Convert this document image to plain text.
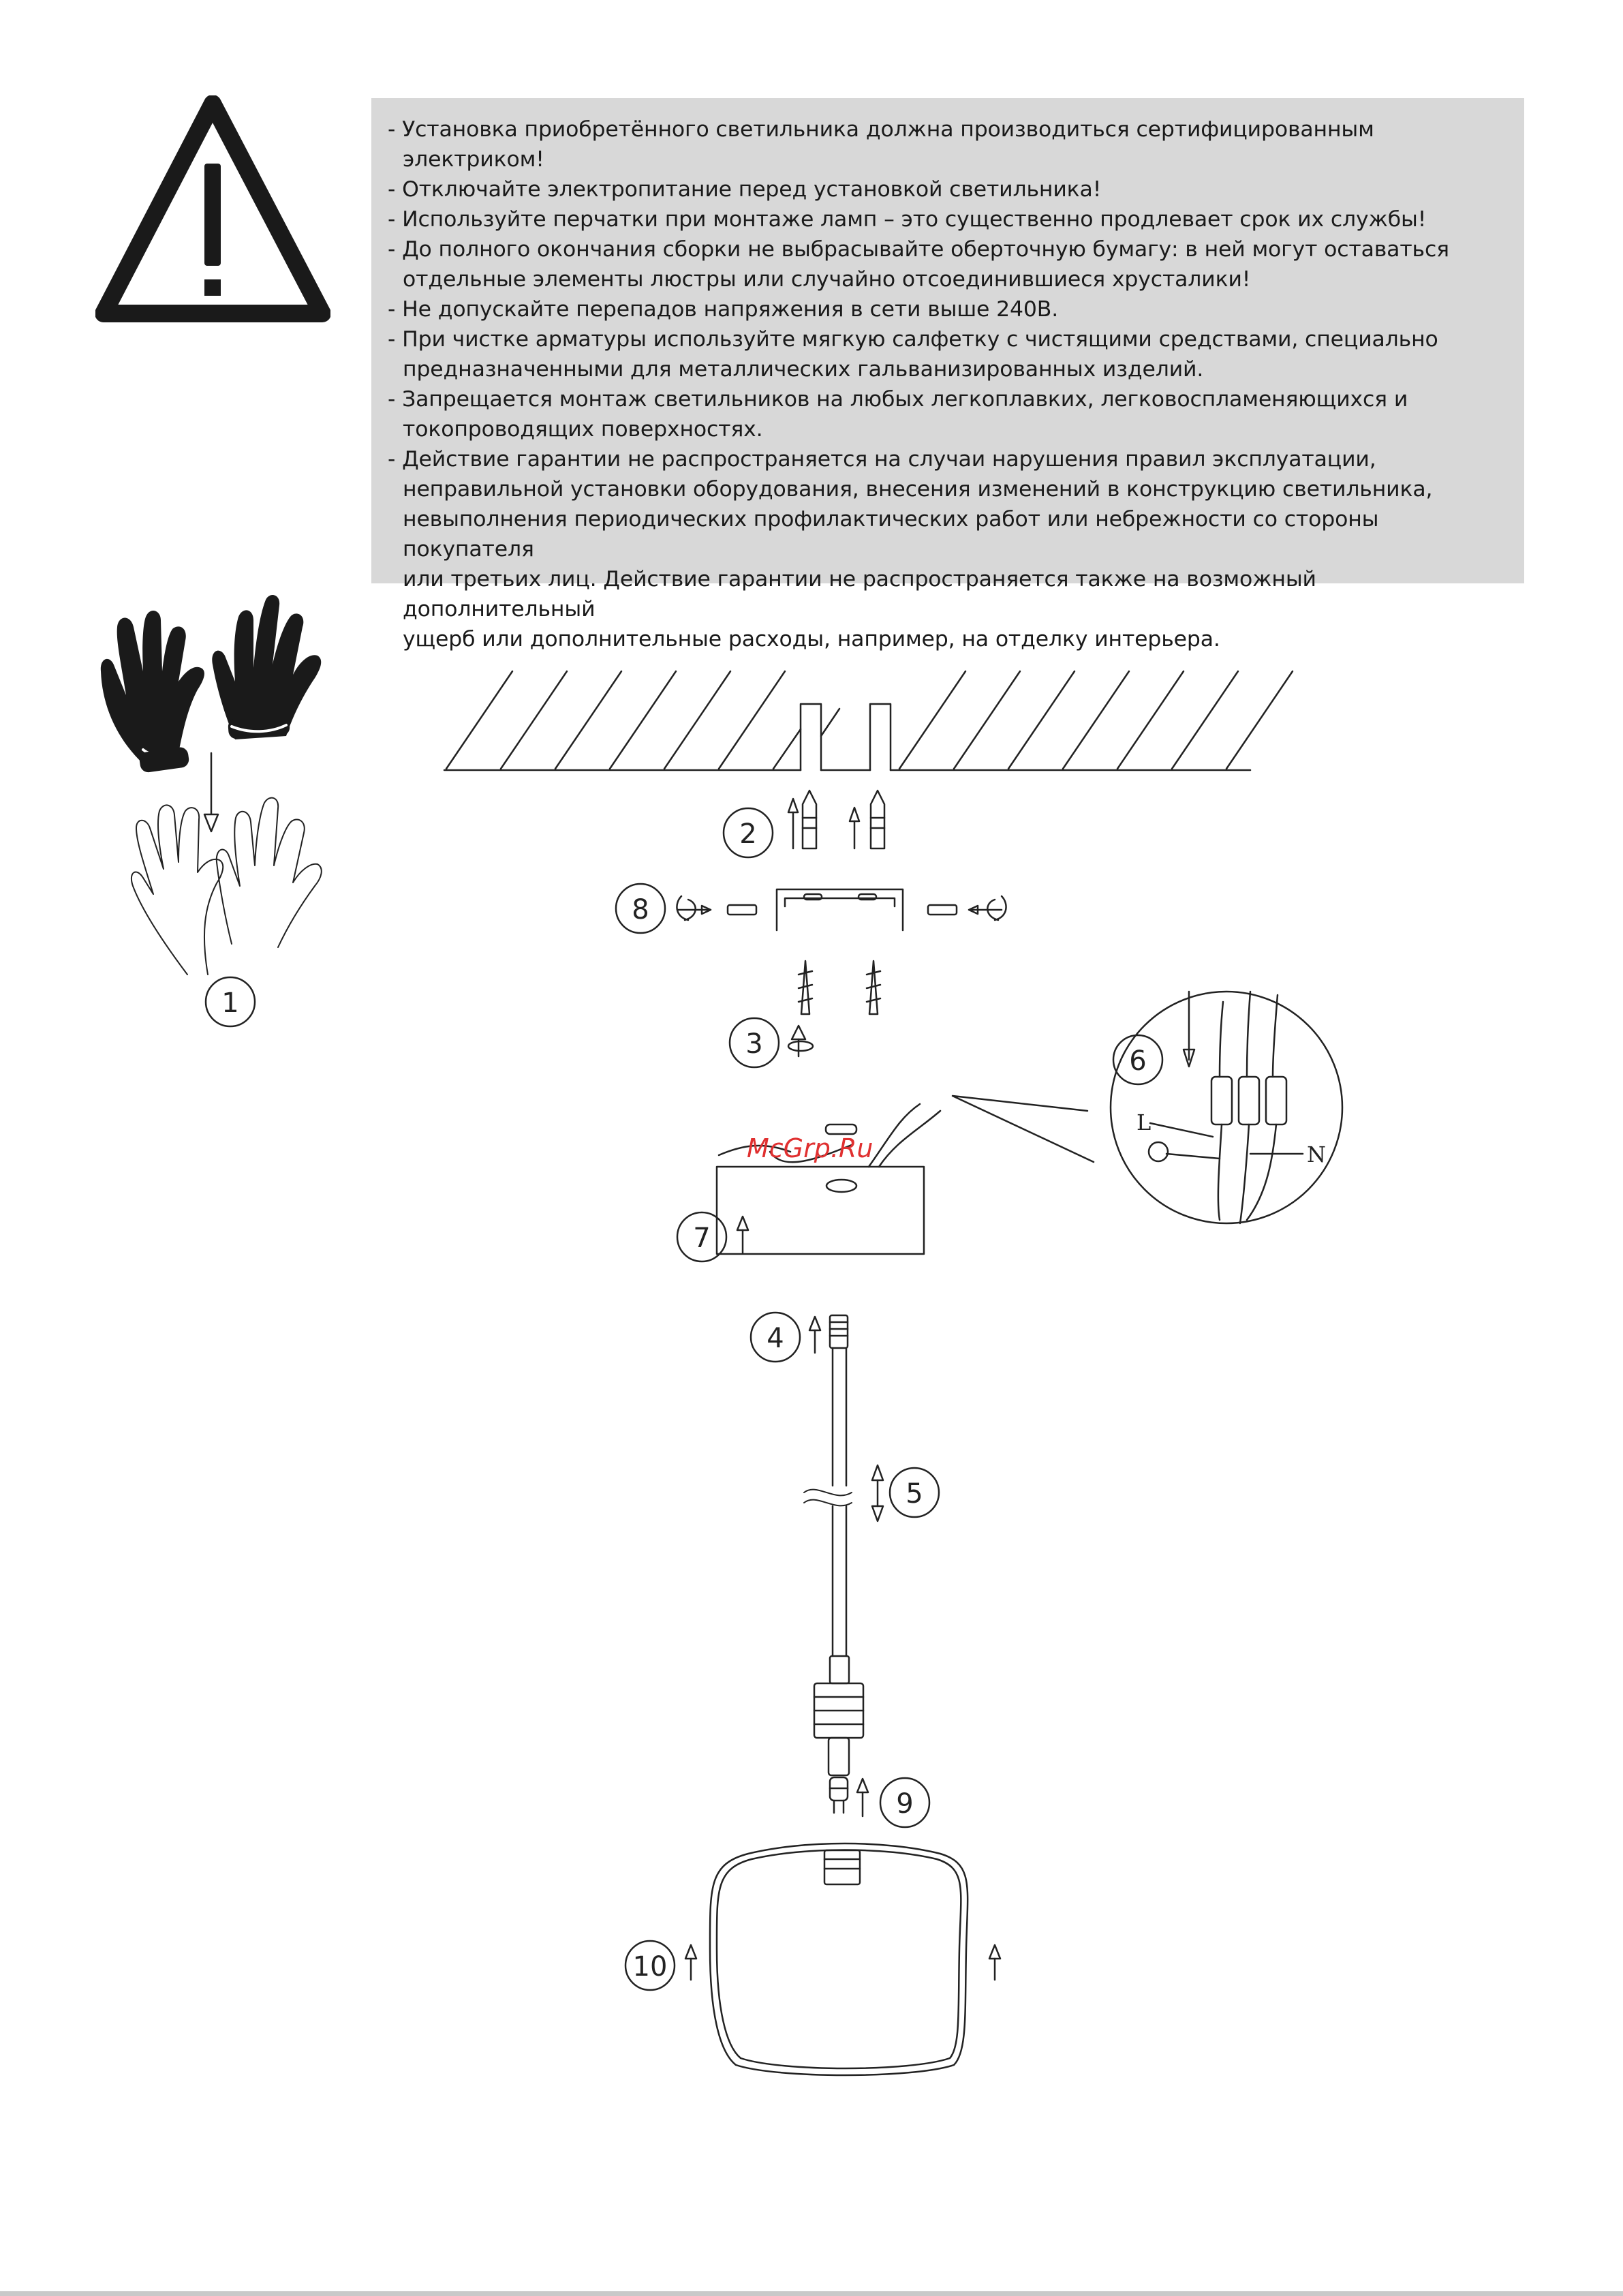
- Установка приобретённого светильника должна производиться сертифицированным электриком!
- Отключайте электропитание перед установкой светильника!
- Используйте перчатки при монтаже ламп – это существенно продлевает срок их службы!
- До полного окончания сборки не выбрасывайте оберточную бумагу: в ней могут оставаться
отдельные элементы люстры или случайно отсоединившиеся хрусталики!
- Не допускайте перепадов напряжения в сети выше 240В.
- При чистке арматуры используйте мягкую салфетку с чистящими средствами, специально
предназначенными для металлических гальванизированных изделий.
- Запрещается монтаж светильников на любых легкоплавких, легковоспламеняющихся и
токопроводящих поверхностях.
- Действие гарантии не распространяется на случаи нарушения правил эксплуатации,
неправильной установки оборудования, внесения изменений в конструкцию светильника,
невыполнения периодических профилактических работ или небрежности со стороны покупателя
или третьих лиц. Действие гарантии не распространяется также на возможный дополнительный
ущерб или дополнительные расходы, например, на отделку интерьера.
1
2
8
3
McGrp.Ru
7
6
L
N
4
5
9
10
